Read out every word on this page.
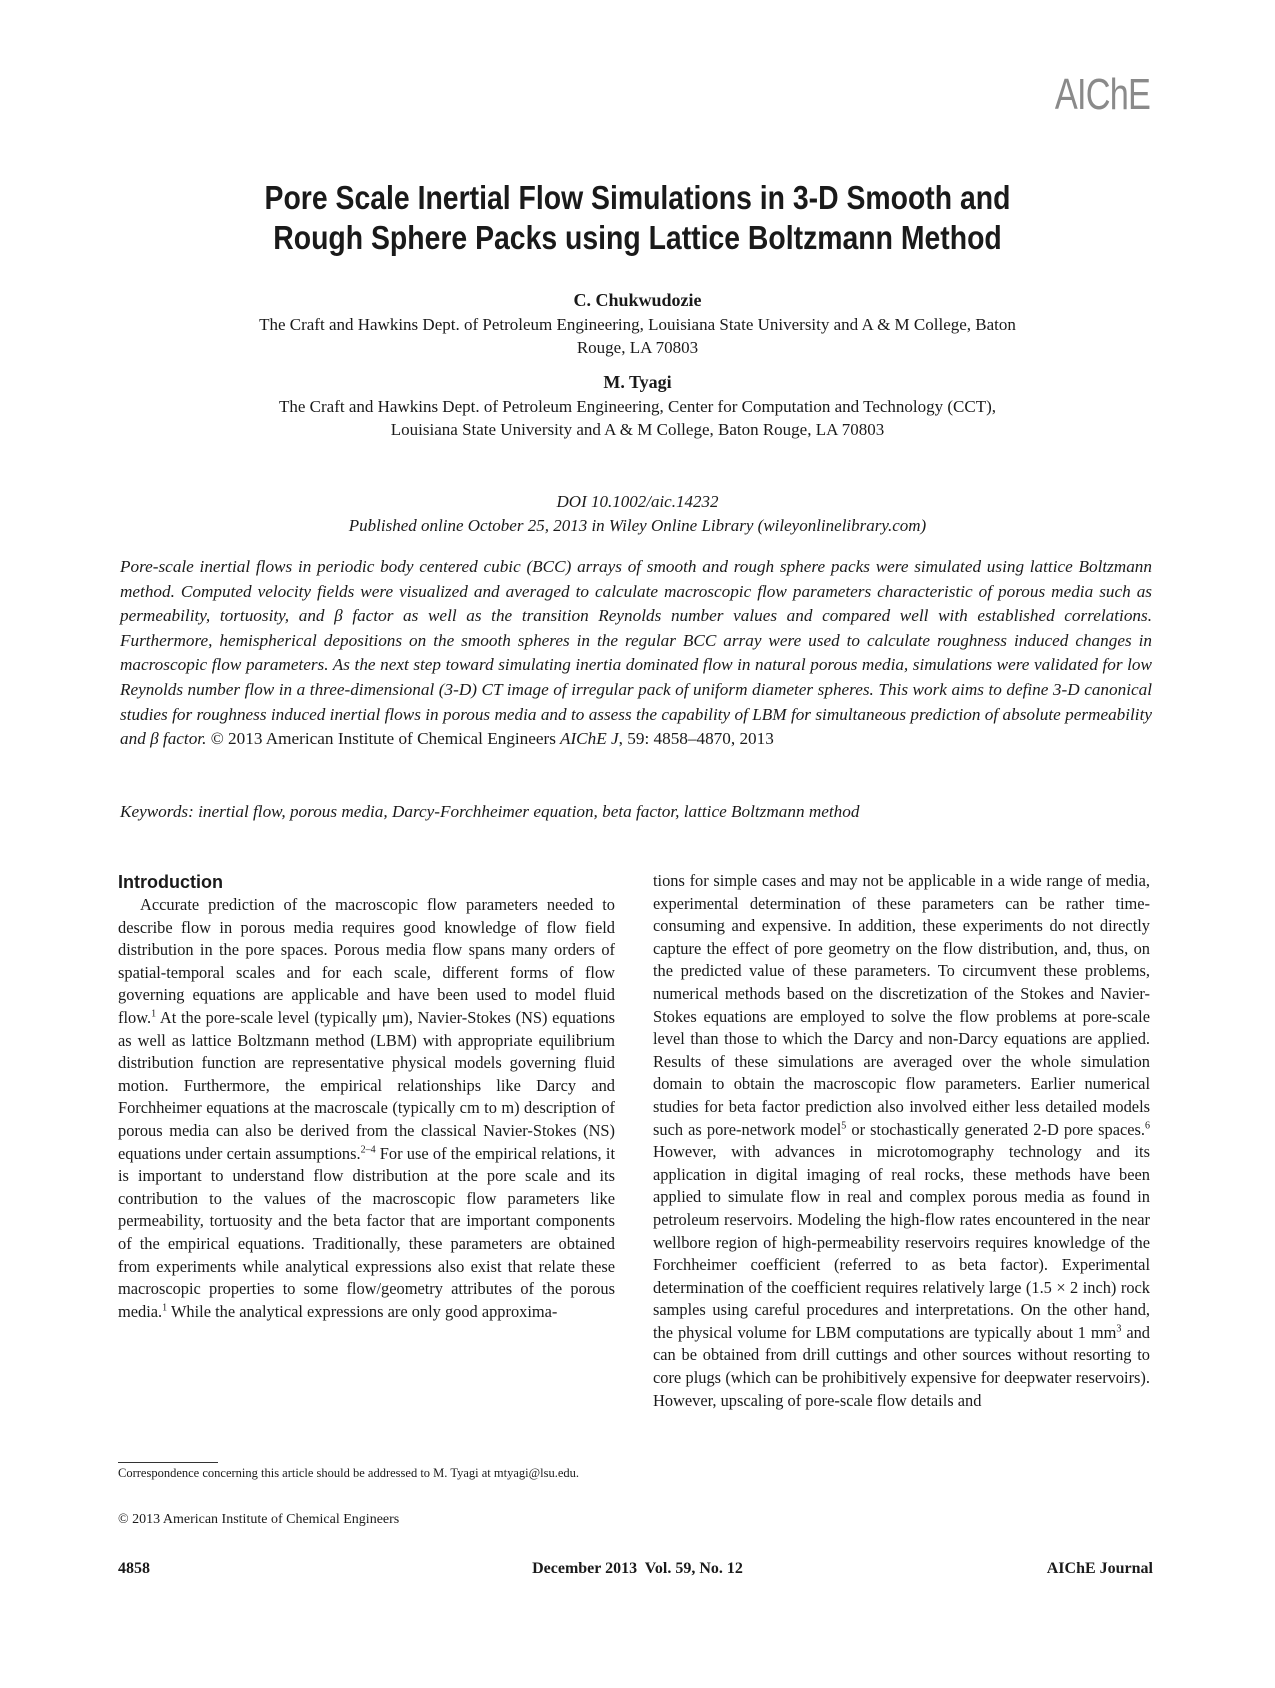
AIChE
Pore Scale Inertial Flow Simulations in 3-D Smooth and
Rough Sphere Packs using Lattice Boltzmann Method
C. Chukwudozie
The Craft and Hawkins Dept. of Petroleum Engineering, Louisiana State University and A & M College, Baton
Rouge, LA 70803
M. Tyagi
The Craft and Hawkins Dept. of Petroleum Engineering, Center for Computation and Technology (CCT),
Louisiana State University and A & M College, Baton Rouge, LA 70803
DOI 10.1002/aic.14232
Published online October 25, 2013 in Wiley Online Library (wileyonlinelibrary.com)
Pore-scale inertial flows in periodic body centered cubic (BCC) arrays of smooth and rough sphere packs were simulated using lattice Boltzmann method. Computed velocity fields were visualized and averaged to calculate macroscopic flow parameters characteristic of porous media such as permeability, tortuosity, and β factor as well as the transition Reynolds number values and compared well with established correlations. Furthermore, hemispherical depositions on the smooth spheres in the regular BCC array were used to calculate roughness induced changes in macroscopic flow parameters. As the next step toward simulating inertia dominated flow in natural porous media, simulations were validated for low Reynolds number flow in a three-dimensional (3-D) CT image of irregular pack of uniform diameter spheres. This work aims to define 3-D canonical studies for roughness induced inertial flows in porous media and to assess the capability of LBM for simultaneous prediction of absolute permeability and β factor. © 2013 American Institute of Chemical Engineers AIChE J, 59: 4858–4870, 2013
Keywords: inertial flow, porous media, Darcy-Forchheimer equation, beta factor, lattice Boltzmann method
Introduction

Accurate prediction of the macroscopic flow parameters needed to describe flow in porous media requires good knowledge of flow field distribution in the pore spaces. Porous media flow spans many orders of spatial-temporal scales and for each scale, different forms of flow governing equations are applicable and have been used to model fluid flow.$^1$ At the pore-scale level (typically μm), Navier-Stokes (NS) equations as well as lattice Boltzmann method (LBM) with appropriate equilibrium distribution function are representative physical models governing fluid motion. Furthermore, the empirical relationships like Darcy and Forchheimer equations at the macroscale (typically cm to m) description of porous media can also be derived from the classical Navier-Stokes (NS) equations under certain assumptions.$^{2-4}$ For use of the empirical relations, it is important to understand flow distribution at the pore scale and its contribution to the values of the macroscopic flow parameters like permeability, tortuosity and the beta factor that are important components of the empirical equations. Traditionally, these parameters are obtained from experiments while analytical expressions also exist that relate these macroscopic properties to some flow/geometry attributes of the porous media.$^1$ While the analytical expressions are only good approxima-

tions for simple cases and may not be applicable in a wide range of media, experimental determination of these parameters can be rather time-consuming and expensive. In addition, these experiments do not directly capture the effect of pore geometry on the flow distribution, and, thus, on the predicted value of these parameters. To circumvent these problems, numerical methods based on the discretization of the Stokes and Navier-Stokes equations are employed to solve the flow problems at pore-scale level than those to which the Darcy and non-Darcy equations are applied. Results of these simulations are averaged over the whole simulation domain to obtain the macroscopic flow parameters. Earlier numerical studies for beta factor prediction also involved either less detailed models such as pore-network model$^5$ or stochastically generated 2-D pore spaces.$^6$ However, with advances in microtomography technology and its application in digital imaging of real rocks, these methods have been applied to simulate flow in real and complex porous media as found in petroleum reservoirs. Modeling the high-flow rates encountered in the near wellbore region of high-permeability reservoirs requires knowledge of the Forchheimer coefficient (referred to as beta factor). Experimental determination of the coefficient requires relatively large (1.5 × 2 inch) rock samples using careful procedures and interpretations. On the other hand, the physical volume for LBM computations are typically about 1 $mm^3$ and can be obtained from drill cuttings and other sources without resorting to core plugs (which can be prohibitively expensive for deepwater reservoirs). However, upscaling of pore-scale flow details and

Correspondence concerning this article should be addressed to M. Tyagi at mtyagi@lsu.edu.
© 2013 American Institute of Chemical Engineers
4858	December 2013  Vol. 59, No. 12	AIChE Journal
